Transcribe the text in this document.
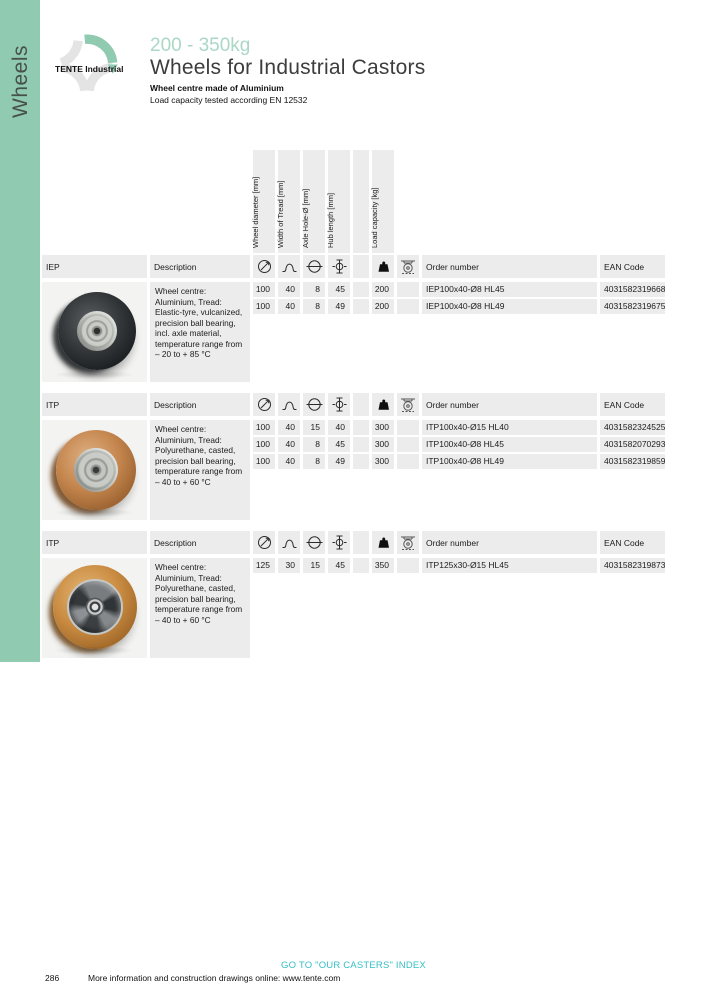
Wheels	TENTE Industrial
200 - 350kg
Wheels for Industrial Castors
Wheel centre made of Aluminium
Load capacity tested according EN 12532
Wheel diameter [mm] Width of Tread [mm] Axle Hole-Ø [mm] Hub length [mm]	Load capacity [kg]
IEP	Description	Order number	EAN Code
Wheel centre: Aluminium, Tread: Elastic-tyre, vulcanized, precision ball bearing, incl. axle material, temperature range from – 20 to + 85 °C
100	40	8	45	200	IEP100x40-Ø8 HL45	4031582319668
100	40	8	49	200	IEP100x40-Ø8 HL49	4031582319675
ITP	Description	Order number	EAN Code
Wheel centre: Aluminium, Tread: Polyurethane, casted, precision ball bearing, temperature range from – 40 to + 60 °C
100	40	15	40	300	ITP100x40-Ø15 HL40	4031582324525
100	40	8	45	300	ITP100x40-Ø8 HL45	4031582070293
100	40	8	49	300	ITP100x40-Ø8 HL49	4031582319859
ITP	Description	Order number	EAN Code
Wheel centre: Aluminium, Tread: Polyurethane, casted, precision ball bearing, temperature range from – 40 to + 60 °C
125	30	15	45	350	ITP125x30-Ø15 HL45	4031582319873
GO TO "OUR CASTERS" INDEX
286	More information and construction drawings online: www.tente.com
